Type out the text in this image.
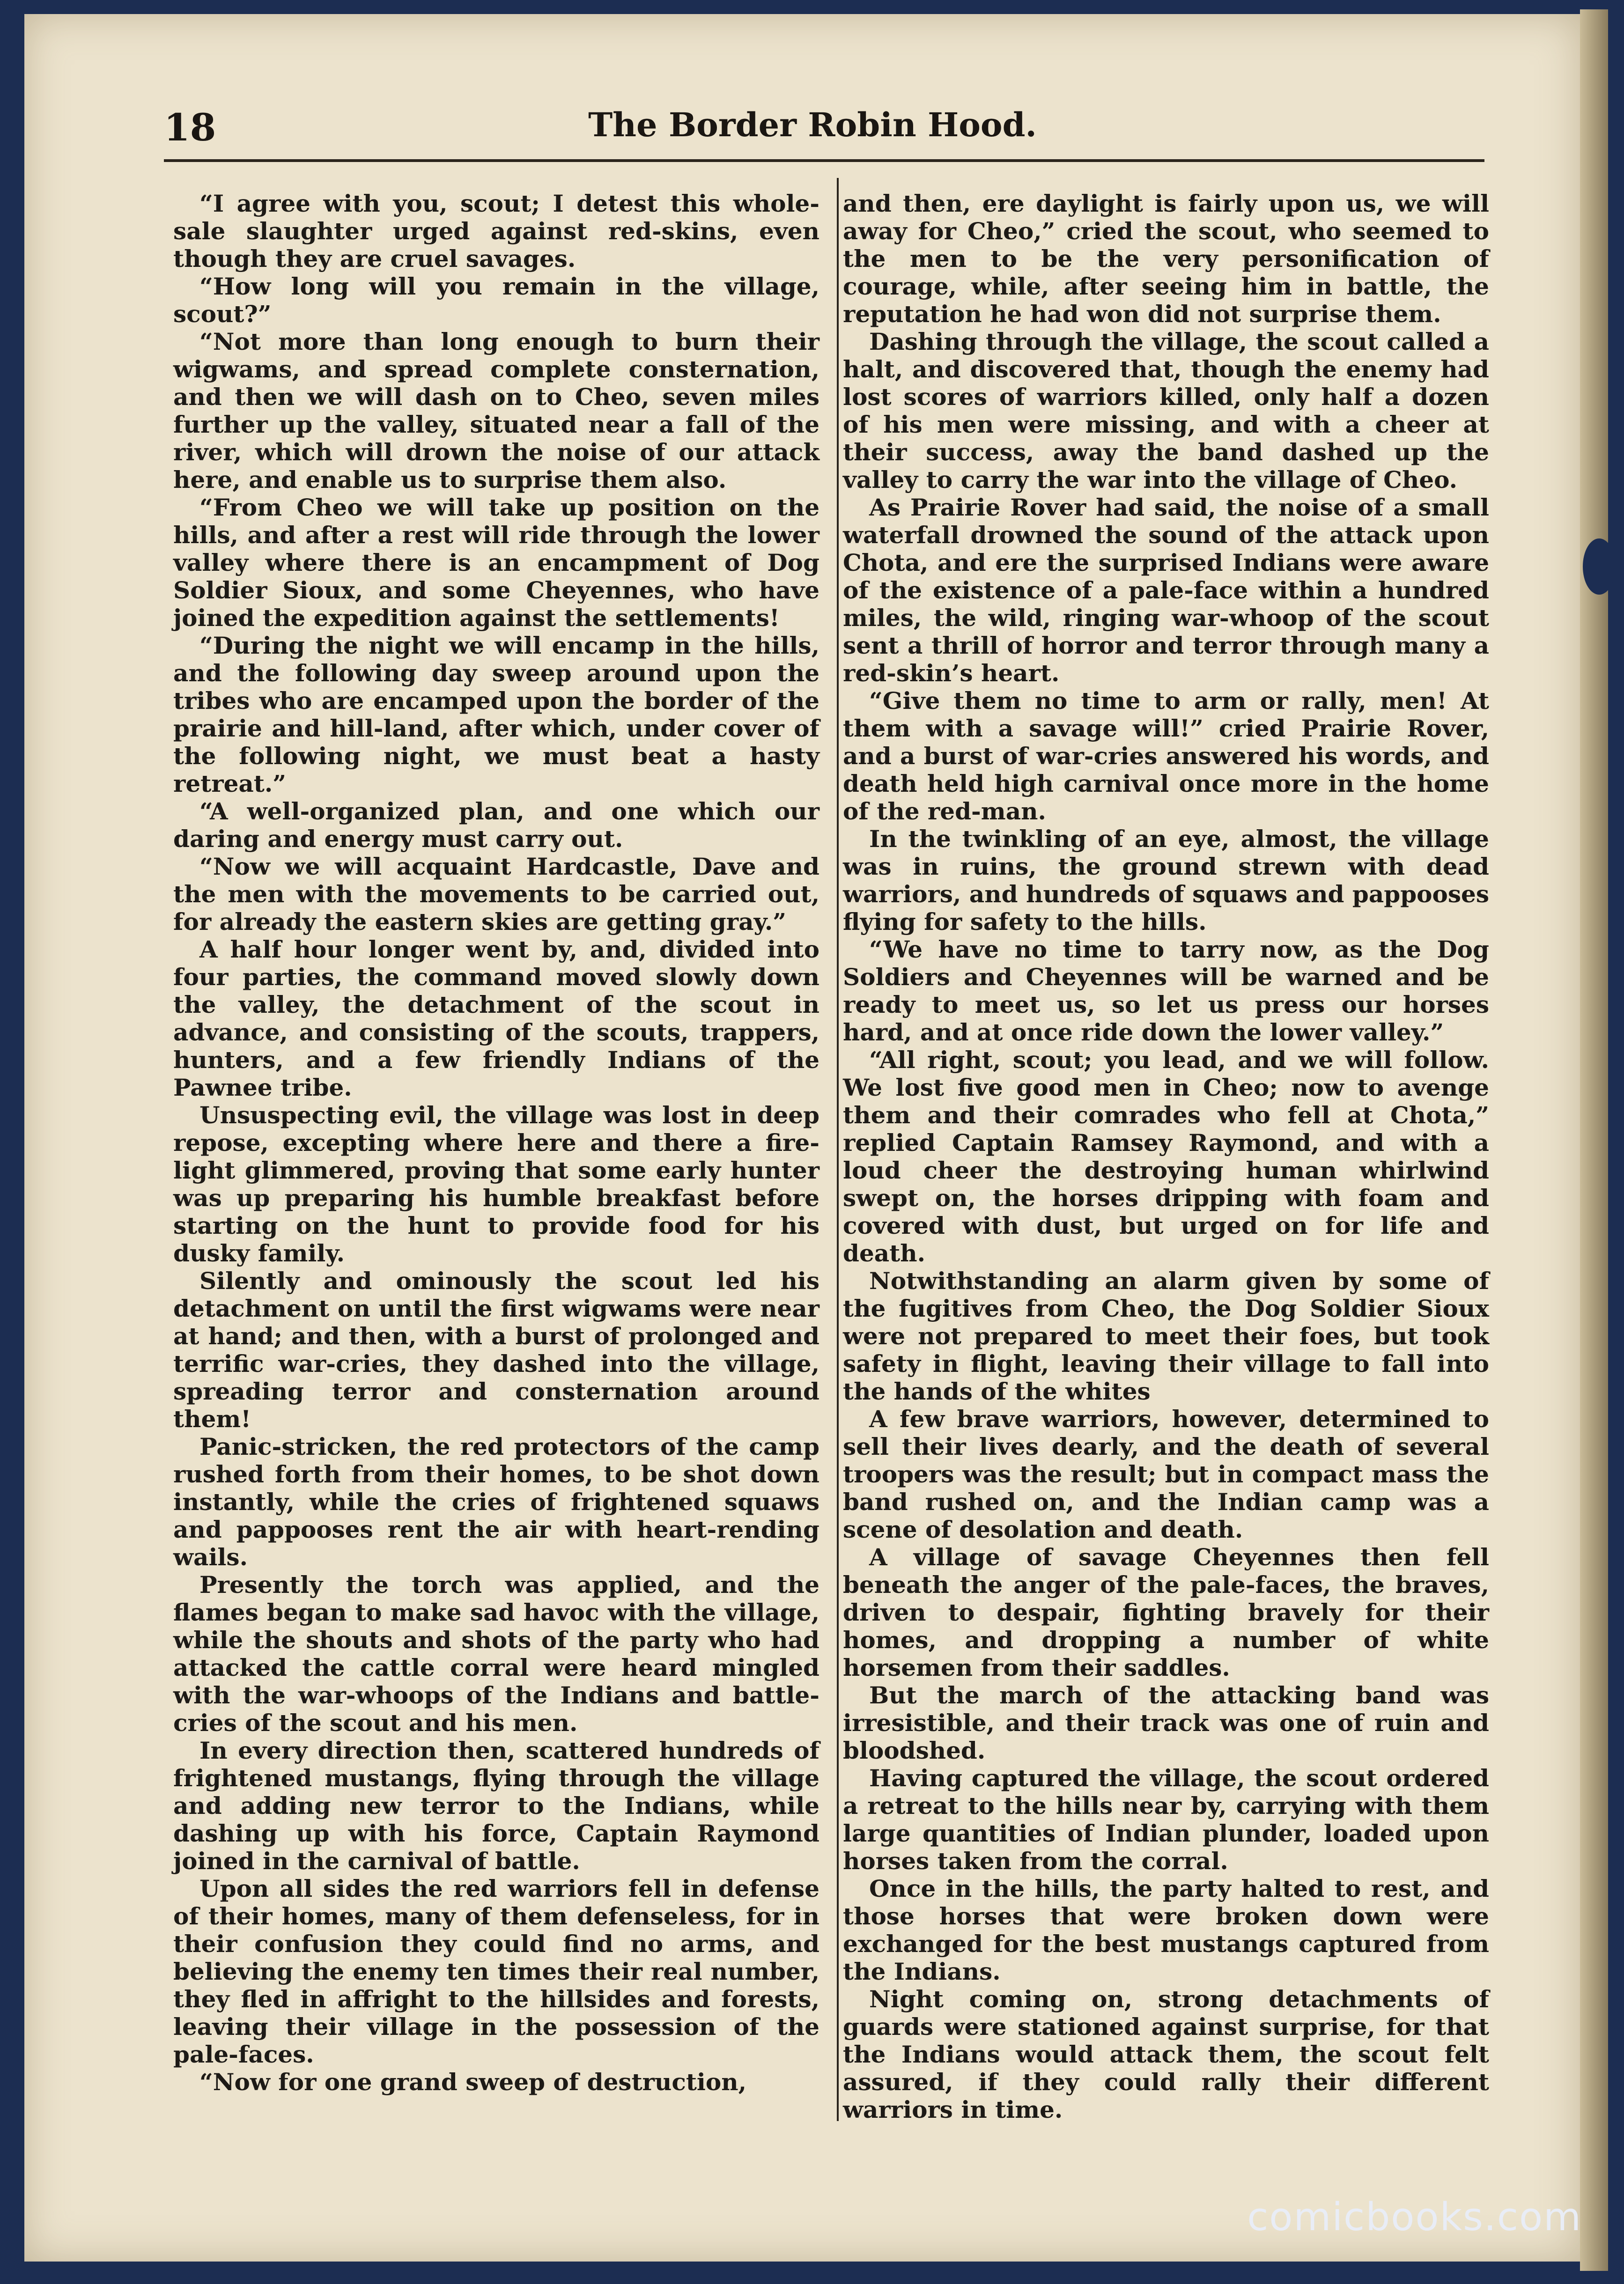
18	The Border Robin Hood.

“I agree with you, scout; I detest this whole-sale slaughter urged against red-skins, even though they are cruel savages.

“How long will you remain in the village, scout?”

“Not more than long enough to burn their wigwams, and spread complete consternation, and then we will dash on to Cheo, seven miles further up the valley, situated near a fall of the river, which will drown the noise of our attack here, and enable us to surprise them also.

“From Cheo we will take up position on the hills, and after a rest will ride through the lower valley where there is an encampment of Dog Soldier Sioux, and some Cheyennes, who have joined the expedition against the settlements!

“During the night we will encamp in the hills, and the following day sweep around upon the tribes who are encamped upon the border of the prairie and hill-land, after which, under cover of the following night, we must beat a hasty retreat.”

“A well-organized plan, and one which our daring and energy must carry out.

“Now we will acquaint Hardcastle, Dave and the men with the movements to be carried out, for already the eastern skies are getting gray.”

A half hour longer went by, and, divided into four parties, the command moved slowly down the valley, the detachment of the scout in advance, and consisting of the scouts, trappers, hunters, and a few friendly Indians of the Pawnee tribe.

Unsuspecting evil, the village was lost in deep repose, excepting where here and there a fire-light glimmered, proving that some early hunter was up preparing his humble breakfast before starting on the hunt to provide food for his dusky family.

Silently and ominously the scout led his detachment on until the first wigwams were near at hand; and then, with a burst of prolonged and terrific war-cries, they dashed into the village, spreading terror and consternation around them!

Panic-stricken, the red protectors of the camp rushed forth from their homes, to be shot down instantly, while the cries of frightened squaws and pappooses rent the air with heart-rending wails.

Presently the torch was applied, and the flames began to make sad havoc with the village, while the shouts and shots of the party who had attacked the cattle corral were heard mingled with the war-whoops of the Indians and battle-cries of the scout and his men.

In every direction then, scattered hundreds of frightened mustangs, flying through the village and adding new terror to the Indians, while dashing up with his force, Captain Raymond joined in the carnival of battle.

Upon all sides the red warriors fell in defense of their homes, many of them defenseless, for in their confusion they could find no arms, and believing the enemy ten times their real number, they fled in affright to the hillsides and forests, leaving their village in the possession of the pale-faces.

“Now for one grand sweep of destruction,

and then, ere daylight is fairly upon us, we will away for Cheo,” cried the scout, who seemed to the men to be the very personification of courage, while, after seeing him in battle, the reputation he had won did not surprise them.

Dashing through the village, the scout called a halt, and discovered that, though the enemy had lost scores of warriors killed, only half a dozen of his men were missing, and with a cheer at their success, away the band dashed up the valley to carry the war into the village of Cheo.

As Prairie Rover had said, the noise of a small waterfall drowned the sound of the attack upon Chota, and ere the surprised Indians were aware of the existence of a pale-face within a hundred miles, the wild, ringing war-whoop of the scout sent a thrill of horror and terror through many a red-skin’s heart.

“Give them no time to arm or rally, men! At them with a savage will!” cried Prairie Rover, and a burst of war-cries answered his words, and death held high carnival once more in the home of the red-man.

In the twinkling of an eye, almost, the village was in ruins, the ground strewn with dead warriors, and hundreds of squaws and pappooses flying for safety to the hills.

“We have no time to tarry now, as the Dog Soldiers and Cheyennes will be warned and be ready to meet us, so let us press our horses hard, and at once ride down the lower valley.”

“All right, scout; you lead, and we will follow. We lost five good men in Cheo; now to avenge them and their comrades who fell at Chota,” replied Captain Ramsey Raymond, and with a loud cheer the destroying human whirlwind swept on, the horses dripping with foam and covered with dust, but urged on for life and death.

Notwithstanding an alarm given by some of the fugitives from Cheo, the Dog Soldier Sioux were not prepared to meet their foes, but took safety in flight, leaving their village to fall into the hands of the whites

A few brave warriors, however, determined to sell their lives dearly, and the death of several troopers was the result; but in compact mass the band rushed on, and the Indian camp was a scene of desolation and death.

A village of savage Cheyennes then fell beneath the anger of the pale-faces, the braves, driven to despair, fighting bravely for their homes, and dropping a number of white horsemen from their saddles.

But the march of the attacking band was irresistible, and their track was one of ruin and bloodshed.

Having captured the village, the scout ordered a retreat to the hills near by, carrying with them large quantities of Indian plunder, loaded upon horses taken from the corral.

Once in the hills, the party halted to rest, and those horses that were broken down were exchanged for the best mustangs captured from the Indians.

Night coming on, strong detachments of guards were stationed against surprise, for that the Indians would attack them, the scout felt assured, if they could rally their different warriors in time.

comicbooks.com
